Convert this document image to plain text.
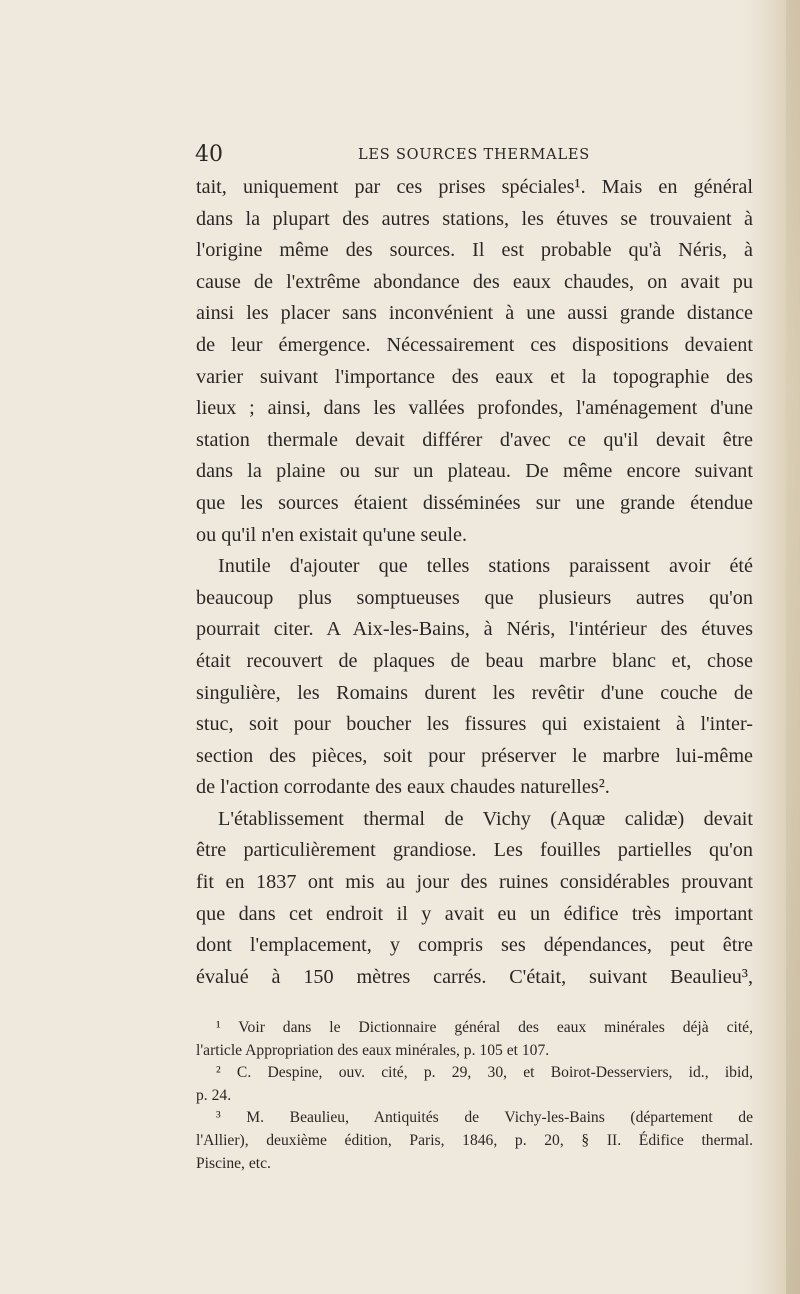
40	LES SOURCES THERMALES

tait, uniquement par ces prises spéciales¹. Mais en général

dans la plupart des autres stations, les étuves se trouvaient à

l'origine même des sources. Il est probable qu'à Néris, à

cause de l'extrême abondance des eaux chaudes, on avait pu

ainsi les placer sans inconvénient à une aussi grande distance

de leur émergence. Nécessairement ces dispositions devaient

varier suivant l'importance des eaux et la topographie des

lieux ; ainsi, dans les vallées profondes, l'aménagement d'une

station thermale devait différer d'avec ce qu'il devait être

dans la plaine ou sur un plateau. De même encore suivant

que les sources étaient disséminées sur une grande étendue

ou qu'il n'en existait qu'une seule.

Inutile d'ajouter que telles stations paraissent avoir été

beaucoup plus somptueuses que plusieurs autres qu'on

pourrait citer. A Aix-les-Bains, à Néris, l'intérieur des étuves

était recouvert de plaques de beau marbre blanc et, chose

singulière, les Romains durent les revêtir d'une couche de

stuc, soit pour boucher les fissures qui existaient à l'inter-

section des pièces, soit pour préserver le marbre lui-même

de l'action corrodante des eaux chaudes naturelles².

L'établissement thermal de Vichy (Aquæ calidæ) devait

être particulièrement grandiose. Les fouilles partielles qu'on

fit en 1837 ont mis au jour des ruines considérables prouvant

que dans cet endroit il y avait eu un édifice très important

dont l'emplacement, y compris ses dépendances, peut être

évalué à 150 mètres carrés. C'était, suivant Beaulieu³,

¹ Voir dans le Dictionnaire général des eaux minérales déjà cité,

l'article Appropriation des eaux minérales, p. 105 et 107.

² C. Despine, ouv. cité, p. 29, 30, et Boirot-Desserviers, id., ibid,

p. 24.

³ M. Beaulieu, Antiquités de Vichy-les-Bains (département de

l'Allier), deuxième édition, Paris, 1846, p. 20, § II. Édifice thermal.

Piscine, etc.
